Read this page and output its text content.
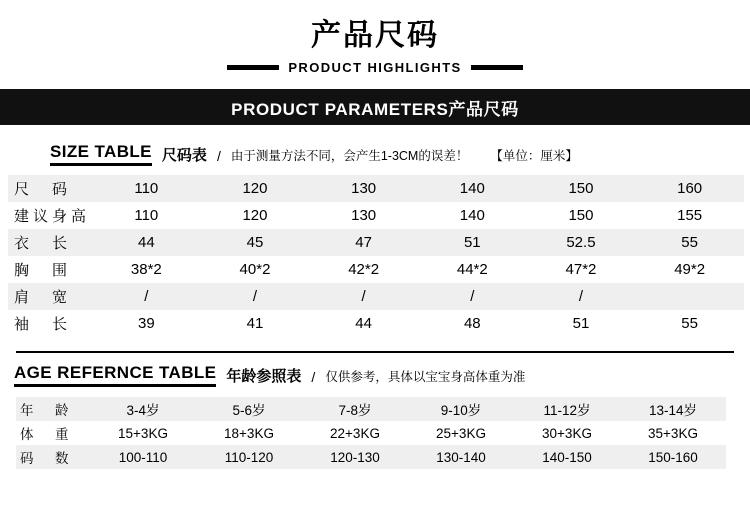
产品尺码
PRODUCT HIGHLIGHTS
PRODUCT PARAMETERS产品尺码
SIZE TABLE 尺码表 / 由于测量方法不同，会产生1-3CM的误差！ 【单位：厘米】
尺　码	110	120	130	140	150	160
建议身高	110	120	130	140	150	155
衣　长	44	45	47	51	52.5	55
胸　围	38*2	40*2	42*2	44*2	47*2	49*2
肩　宽	/	/	/	/	/	
袖　长	39	41	44	48	51	55
AGE REFERNCE TABLE 年龄参照表 / 仅供参考，具体以宝宝身高体重为准
年　龄	3-4岁	5-6岁	7-8岁	9-10岁	11-12岁	13-14岁
体　重	15+3KG	18+3KG	22+3KG	25+3KG	30+3KG	35+3KG
码　数	100-110	110-120	120-130	130-140	140-150	150-160
